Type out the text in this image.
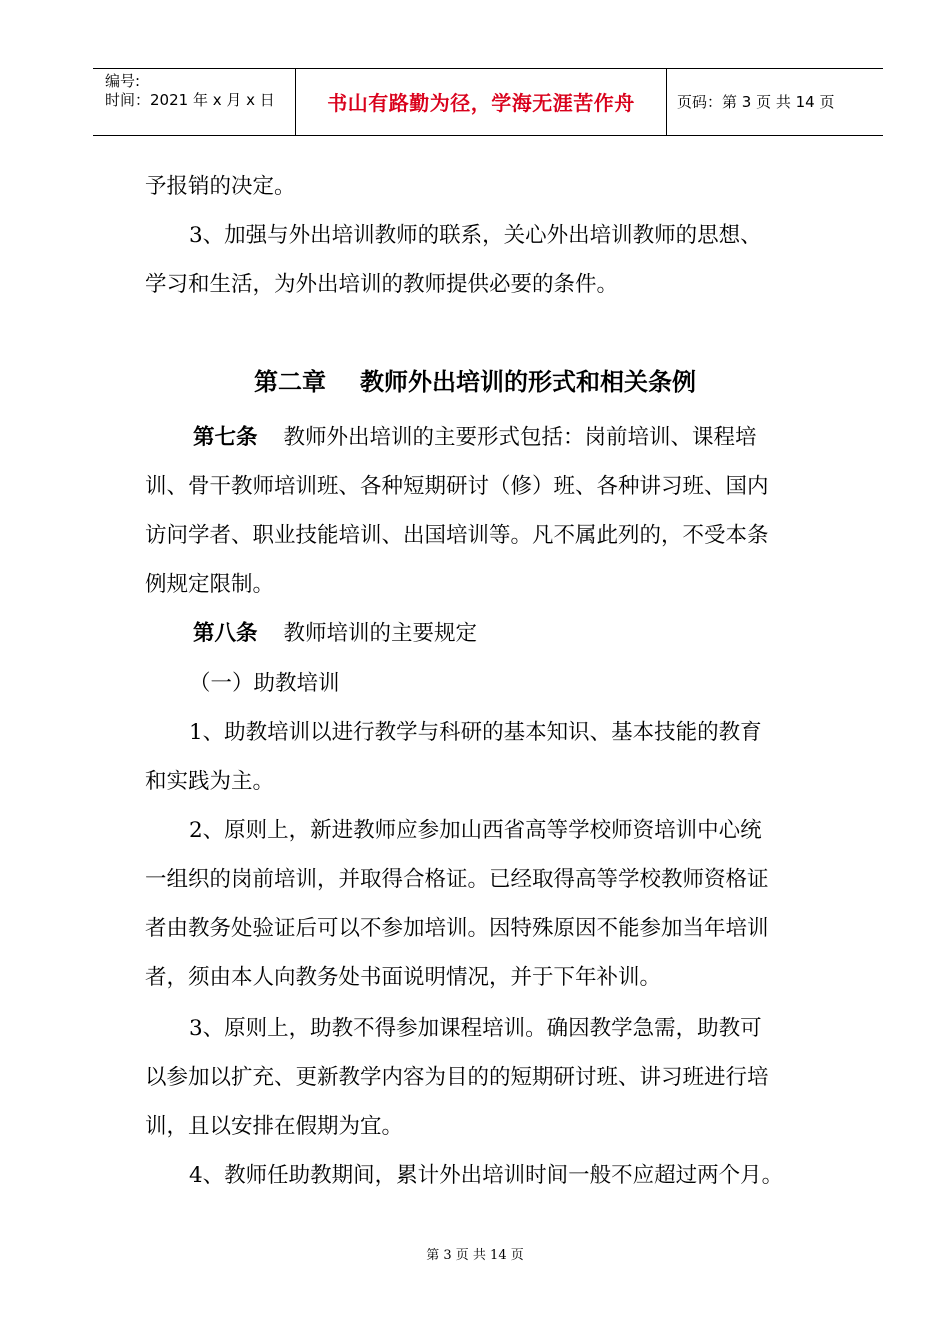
编号:
时间：2021 年 x 月 x 日	书山有路勤为径，学海无涯苦作舟	页码：第 3 页 共 14 页
予报销的决定。
3、加强与外出培训教师的联系，关心外出培训教师的思想、
学习和生活，为外出培训的教师提供必要的条件。
第二章 教师外出培训的形式和相关条例
第七条 教师外出培训的主要形式包括：岗前培训、课程培
训、骨干教师培训班、各种短期研讨（修）班、各种讲习班、国内
访问学者、职业技能培训、出国培训等。凡不属此列的，不受本条
例规定限制。
第八条 教师培训的主要规定
（一）助教培训
1、助教培训以进行教学与科研的基本知识、基本技能的教育
和实践为主。
2、原则上，新进教师应参加山西省高等学校师资培训中心统
一组织的岗前培训，并取得合格证。已经取得高等学校教师资格证
者由教务处验证后可以不参加培训。因特殊原因不能参加当年培训
者，须由本人向教务处书面说明情况，并于下年补训。
3、原则上，助教不得参加课程培训。确因教学急需，助教可
以参加以扩充、更新教学内容为目的的短期研讨班、讲习班进行培
训，且以安排在假期为宜。
4、教师任助教期间，累计外出培训时间一般不应超过两个月。
第 3 页 共 14 页
